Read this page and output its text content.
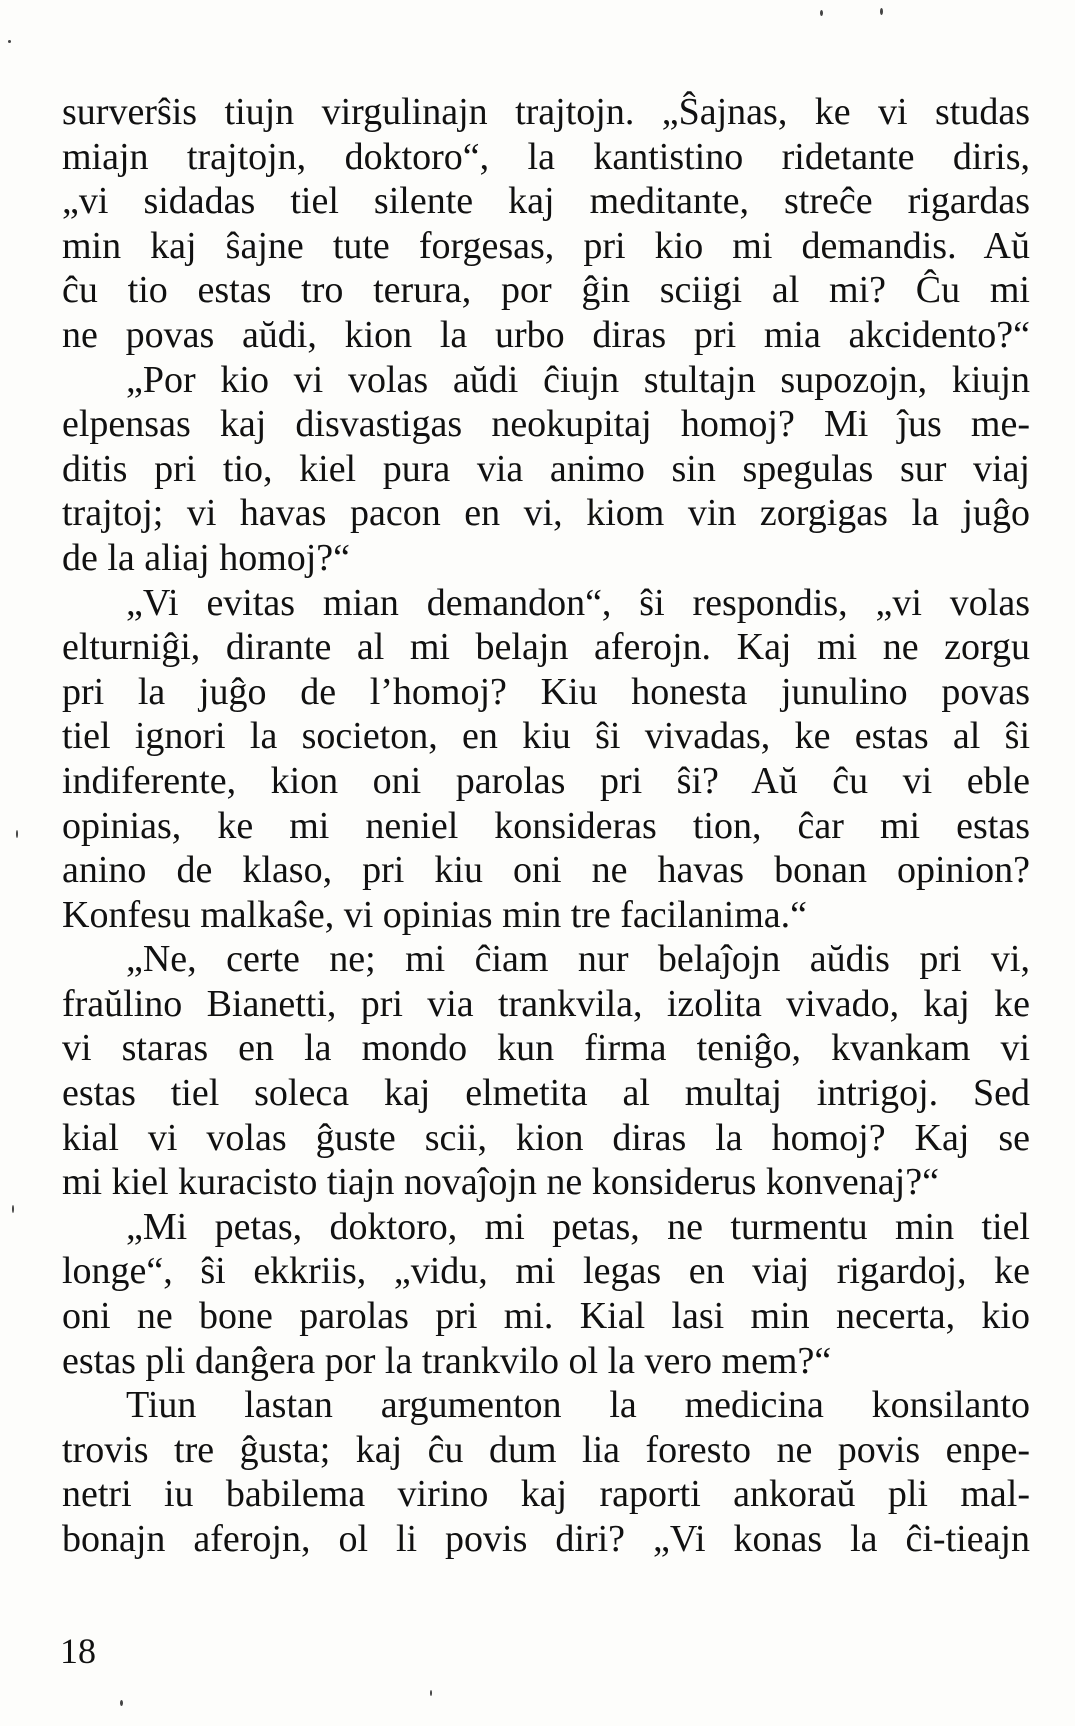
surverŝis tiujn virgulinajn trajtojn. „Ŝajnas, ke vi studas
miajn trajtojn, doktoro“, la kantistino ridetante diris,
„vi sidadas tiel silente kaj meditante, streĉe rigardas
min kaj ŝajne tute forgesas, pri kio mi demandis. Aŭ
ĉu tio estas tro terura, por ĝin sciigi al mi? Ĉu mi
ne povas aŭdi, kion la urbo diras pri mia akcidento?“
„Por kio vi volas aŭdi ĉiujn stultajn supozojn, kiujn
elpensas kaj disvastigas neokupitaj homoj? Mi ĵus me-
ditis pri tio, kiel pura via animo sin spegulas sur viaj
trajtoj; vi havas pacon en vi, kiom vin zorgigas la juĝo
de la aliaj homoj?“
„Vi evitas mian demandon“, ŝi respondis, „vi volas
elturniĝi, dirante al mi belajn aferojn. Kaj mi ne zorgu
pri la juĝo de l’homoj? Kiu honesta junulino povas
tiel ignori la societon, en kiu ŝi vivadas, ke estas al ŝi
indiferente, kion oni parolas pri ŝi? Aŭ ĉu vi eble
opinias, ke mi neniel konsideras tion, ĉar mi estas
anino de klaso, pri kiu oni ne havas bonan opinion?
Konfesu malkaŝe, vi opinias min tre facilanima.“
„Ne, certe ne; mi ĉiam nur belaĵojn aŭdis pri vi,
fraŭlino Bianetti, pri via trankvila, izolita vivado, kaj ke
vi staras en la mondo kun firma teniĝo, kvankam vi
estas tiel soleca kaj elmetita al multaj intrigoj. Sed
kial vi volas ĝuste scii, kion diras la homoj? Kaj se
mi kiel kuracisto tiajn novaĵojn ne konsiderus konvenaj?“
„Mi petas, doktoro, mi petas, ne turmentu min tiel
longe“, ŝi ekkriis, „vidu, mi legas en viaj rigardoj, ke
oni ne bone parolas pri mi. Kial lasi min necerta, kio
estas pli danĝera por la trankvilo ol la vero mem?“
Tiun lastan argumenton la medicina konsilanto
trovis tre ĝusta; kaj ĉu dum lia foresto ne povis enpe-
netri iu babilema virino kaj raporti ankoraŭ pli mal-
bonajn aferojn, ol li povis diri? „Vi konas la ĉi-tieajn
18
